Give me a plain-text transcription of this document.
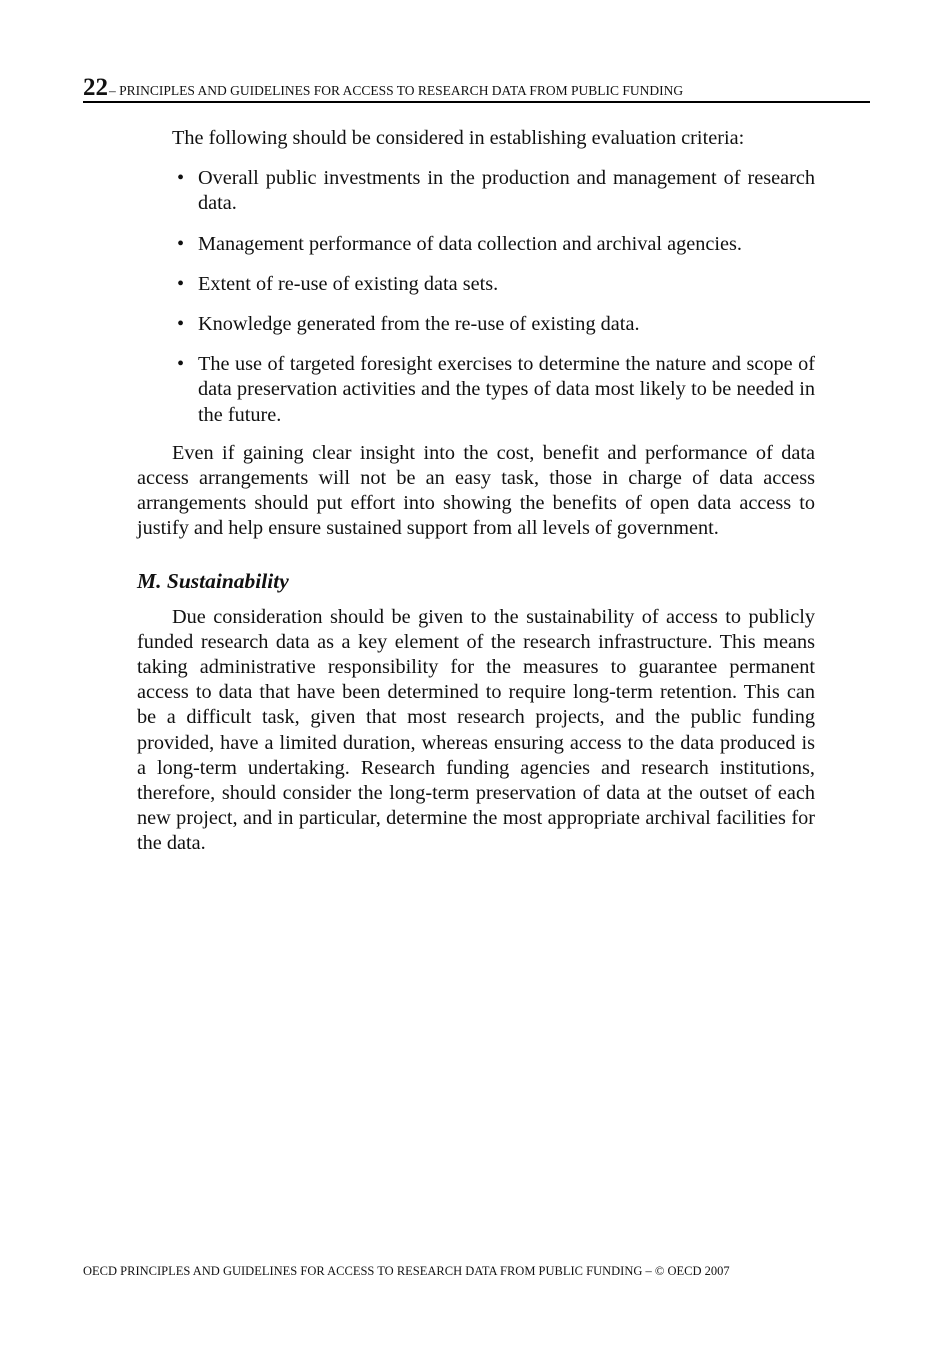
22 – PRINCIPLES AND GUIDELINES FOR ACCESS TO RESEARCH DATA FROM PUBLIC FUNDING

The following should be considered in establishing evaluation criteria:

• Overall public investments in the production and management of research data.
• Management performance of data collection and archival agencies.
• Extent of re-use of existing data sets.
• Knowledge generated from the re-use of existing data.
• The use of targeted foresight exercises to determine the nature and scope of data preservation activities and the types of data most likely to be needed in the future.

Even if gaining clear insight into the cost, benefit and performance of data access arrangements will not be an easy task, those in charge of data access arrangements should put effort into showing the benefits of open data access to justify and help ensure sustained support from all levels of government.

M. Sustainability

Due consideration should be given to the sustainability of access to publicly funded research data as a key element of the research infrastructure. This means taking administrative responsibility for the measures to guarantee permanent access to data that have been determined to require long-term retention. This can be a difficult task, given that most research projects, and the public funding provided, have a limited duration, whereas ensuring access to the data produced is a long-term undertaking. Research funding agencies and research institutions, therefore, should consider the long-term preservation of data at the outset of each new project, and in particular, determine the most appropriate archival facilities for the data.

OECD PRINCIPLES AND GUIDELINES FOR ACCESS TO RESEARCH DATA FROM PUBLIC FUNDING – © OECD 2007
